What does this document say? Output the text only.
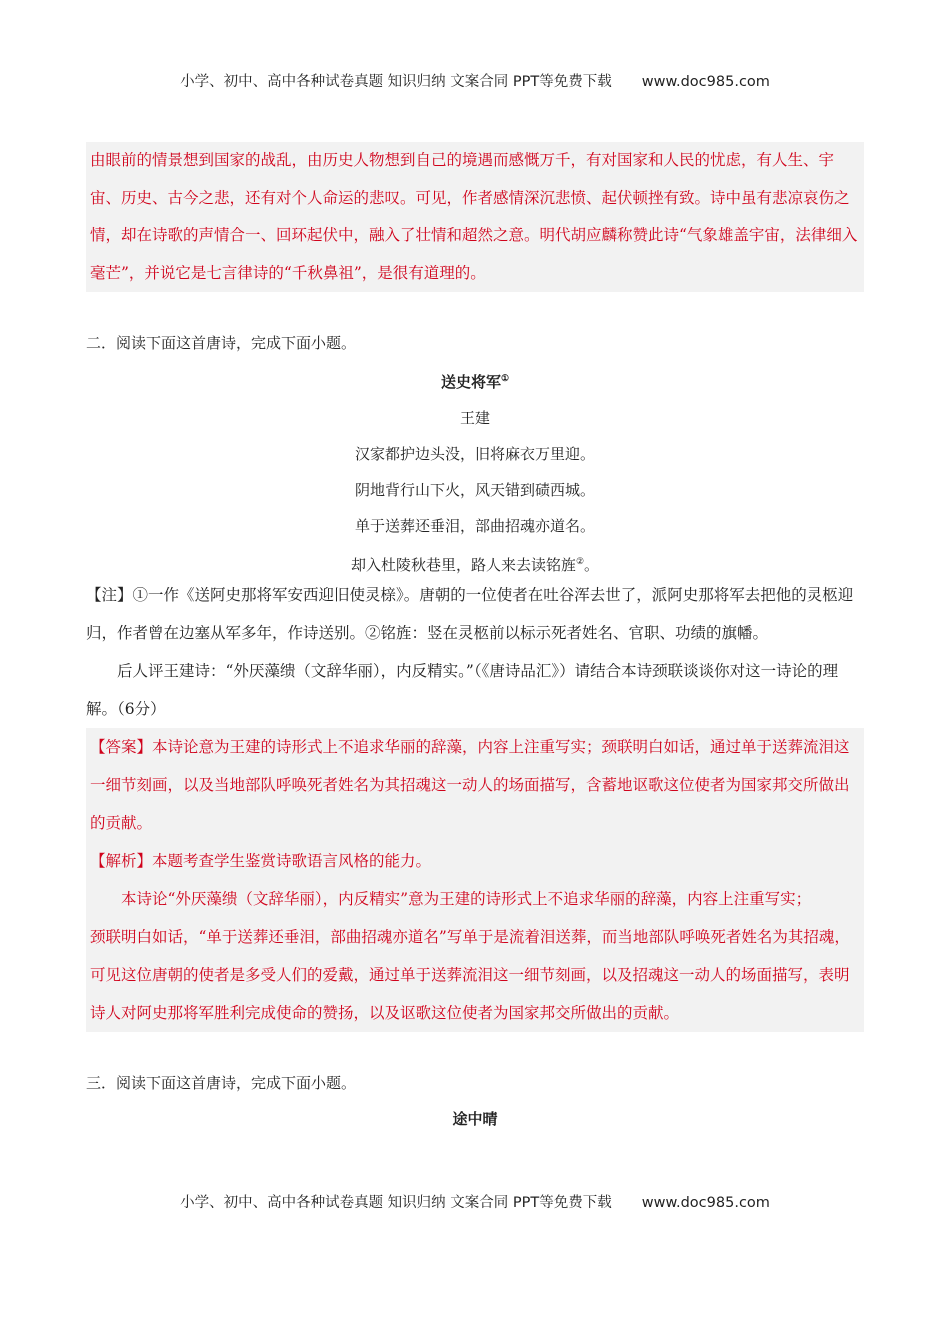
小学、初中、高中各种试卷真题 知识归纳 文案合同 PPT等免费下载 www.doc985.com

由眼前的情景想到国家的战乱，由历史人物想到自己的境遇而感慨万千，有对国家和人民的忧虑，有人生、宇宙、历史、古今之悲，还有对个人命运的悲叹。可见，作者感情深沉悲愤、起伏顿挫有致。诗中虽有悲凉哀伤之情，却在诗歌的声情合一、回环起伏中，融入了壮情和超然之意。明代胡应麟称赞此诗“气象雄盖宇宙，法律细入毫芒”，并说它是七言律诗的“千秋鼻祖”，是很有道理的。

二．阅读下面这首唐诗，完成下面小题。

送史将军①

王建

汉家都护边头没，旧将麻衣万里迎。

阴地背行山下火，风天错到碛西城。

单于送葬还垂泪，部曲招魂亦道名。

却入杜陵秋巷里，路人来去读铭旌②。

【注】①一作《送阿史那将军安西迎旧使灵榇》。唐朝的一位使者在吐谷浑去世了，派阿史那将军去把他的灵柩迎归，作者曾在边塞从军多年，作诗送别。②铭旌：竖在灵柩前以标示死者姓名、官职、功绩的旗幡。

后人评王建诗：“外厌藻缋（文辞华丽），内反精实。”（《唐诗品汇》）请结合本诗颈联谈谈你对这一诗论的理解。（6分）

【答案】本诗论意为王建的诗形式上不追求华丽的辞藻，内容上注重写实；颈联明白如话，通过单于送葬流泪这一细节刻画，以及当地部队呼唤死者姓名为其招魂这一动人的场面描写，含蓄地讴歌这位使者为国家邦交所做出的贡献。

【解析】本题考查学生鉴赏诗歌语言风格的能力。

本诗论“外厌藻缋（文辞华丽），内反精实”意为王建的诗形式上不追求华丽的辞藻，内容上注重写实；

颈联明白如话，“单于送葬还垂泪，部曲招魂亦道名”写单于是流着泪送葬，而当地部队呼唤死者姓名为其招魂，可见这位唐朝的使者是多受人们的爱戴，通过单于送葬流泪这一细节刻画，以及招魂这一动人的场面描写，表明诗人对阿史那将军胜利完成使命的赞扬，以及讴歌这位使者为国家邦交所做出的贡献。

三．阅读下面这首唐诗，完成下面小题。

途中晴

小学、初中、高中各种试卷真题 知识归纳 文案合同 PPT等免费下载 www.doc985.com
